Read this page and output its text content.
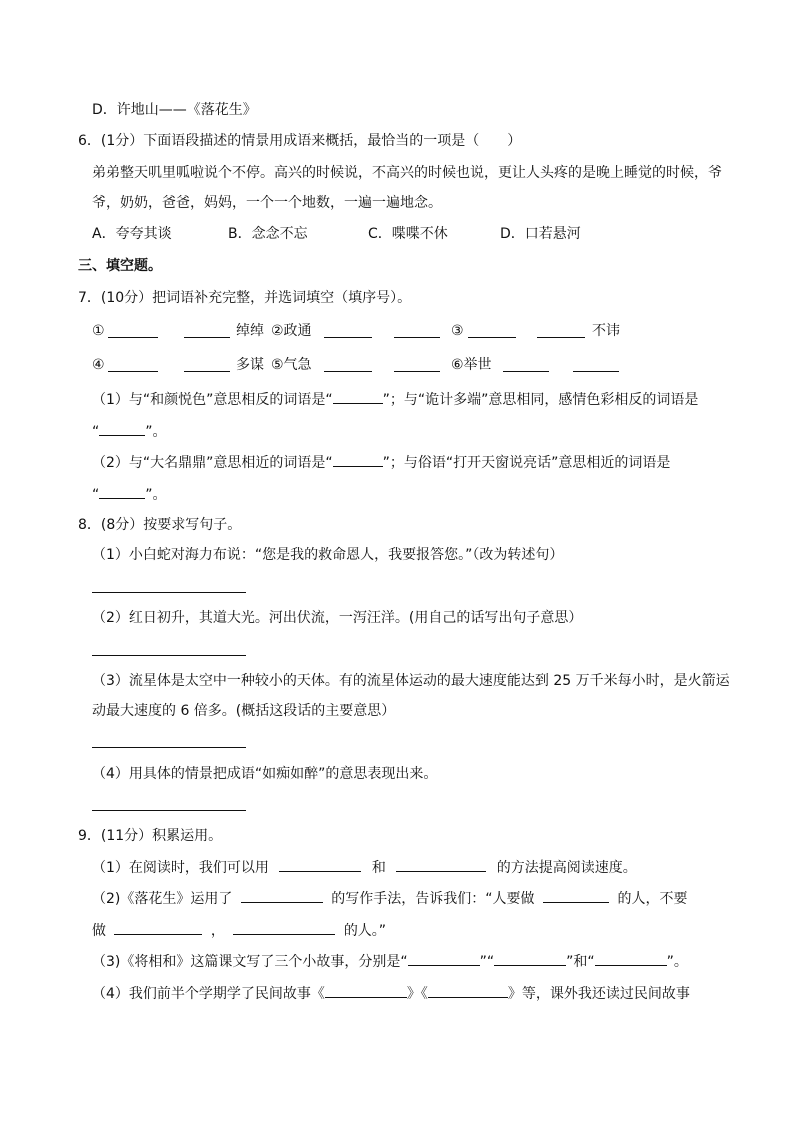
D．许地山——《落花生》
6．(1分）下面语段描述的情景用成语来概括，最恰当的一项是（　　）
弟弟整天叽里呱啦说个不停。高兴的时候说，不高兴的时候也说，更让人头疼的是晚上睡觉的时候，爷
爷，奶奶，爸爸，妈妈，一个一个地数，一遍一遍地念。
A．夸夸其谈	B．念念不忘	C．喋喋不休	D．口若悬河
三、填空题。
7．(10分）把词语补充完整，并选词填空（填序号）。
①	绰绰 ②政通	③	不讳
④	多谋 ⑤气急	⑥举世
（1）与“和颜悦色”意思相反的词语是“	”；与“诡计多端”意思相同，感情色彩相反的词语是
“	”。
（2）与“大名鼎鼎”意思相近的词语是“	”；与俗语“打开天窗说亮话”意思相近的词语是
“	”。
8．(8分）按要求写句子。
（1）小白蛇对海力布说：“您是我的救命恩人，我要报答您。”（改为转述句）
（2）红日初升，其道大光。河出伏流，一泻汪洋。(用自己的话写出句子意思）
（3）流星体是太空中一种较小的天体。有的流星体运动的最大速度能达到 25 万千米每小时，是火箭运
动最大速度的 6 倍多。(概括这段话的主要意思）
（4）用具体的情景把成语“如痴如醉”的意思表现出来。
9．(11分）积累运用。
（1）在阅读时，我们可以用	和	的方法提高阅读速度。
（2)《落花生》运用了	的写作手法，告诉我们：“人要做	的人，不要
做	，	的人。”
（3)《将相和》这篇课文写了三个小故事，分别是“	”“	”和“	”。
（4）我们前半个学期学了民间故事《	》《	》等，课外我还读过民间故事
